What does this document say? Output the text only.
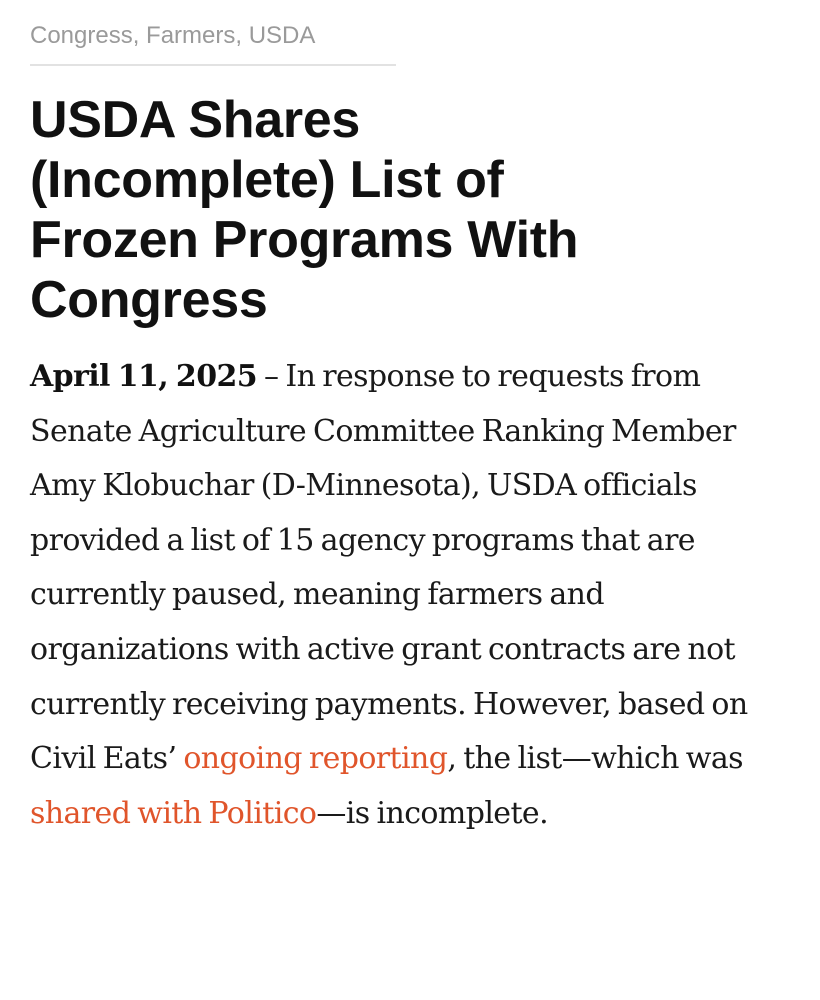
Congress, Farmers, USDA
USDA Shares (Incomplete) List of Frozen Programs With Congress

April 11, 2025 – In response to requests from Senate Agriculture Committee Ranking Member Amy Klobuchar (D-Minnesota), USDA officials provided a list of 15 agency programs that are currently paused, meaning farmers and organizations with active grant contracts are not currently receiving payments. However, based on Civil Eats’ ongoing reporting, the list—which was shared with Politico—is incomplete.
